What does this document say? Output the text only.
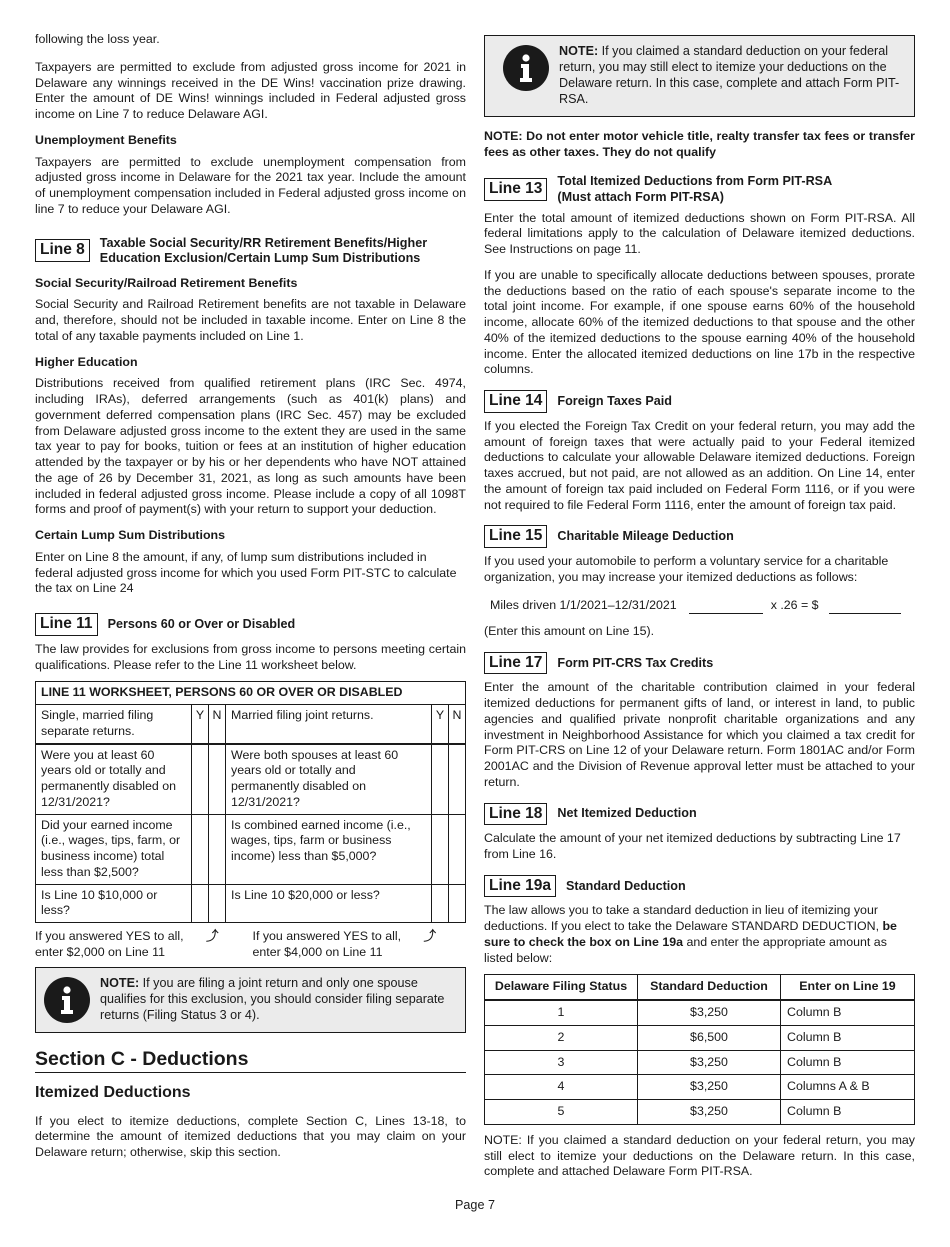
following the loss year.

Taxpayers are permitted to exclude from adjusted gross income for 2021 in Delaware any winnings received in the DE Wins! vaccination prize drawing. Enter the amount of DE Wins! winnings included in Federal adjusted gross income on Line 7 to reduce Delaware AGI.

Unemployment Benefits

Taxpayers are permitted to exclude unemployment compensation from adjusted gross income in Delaware for the 2021 tax year. Include the amount of unemployment compensation included in Federal adjusted gross income on line 7 to reduce your Delaware AGI.

Line 8	Taxable Social Security/RR Retirement Benefits/Higher Education Exclusion/Certain Lump Sum Distributions
Social Security/Railroad Retirement Benefits

Social Security and Railroad Retirement benefits are not taxable in Delaware and, therefore, should not be included in taxable income. Enter on Line 8 the total of any taxable payments included on Line 1.

Higher Education

Distributions received from qualified retirement plans (IRC Sec. 4974, including IRAs), deferred arrangements (such as 401(k) plans) and government deferred compensation plans (IRC Sec. 457) may be excluded from Delaware adjusted gross income to the extent they are used in the same tax year to pay for books, tuition or fees at an institution of higher education attended by the taxpayer or by his or her dependents who have NOT attained the age of 26 by December 31, 2021, as long as such amounts have been included in federal adjusted gross income. Please include a copy of all 1098T forms and proof of payment(s) with your return to support your deduction.

Certain Lump Sum Distributions

Enter on Line 8 the amount, if any, of lump sum distributions included in federal adjusted gross income for which you used Form PIT-STC to calculate the tax on Line 24

Line 11	Persons 60 or Over or Disabled

The law provides for exclusions from gross income to persons meeting certain qualifications. Please refer to the Line 11 worksheet below.

LINE 11 WORKSHEET, PERSONS 60 OR OVER OR DISABLED					
Single, married filing separate returns.	Y	N	Married filing joint returns.	Y	N
Were you at least 60 years old or totally and permanently disabled on 12/31/2021?			Were both spouses at least 60 years old or totally and permanently disabled on 12/31/2021?		
Did your earned income (i.e., wages, tips, farm, or business income) total less than $2,500?			Is combined earned income (i.e., wages, tips, farm or business income) less than $5,000?		
Is Line 10 $10,000 or less?			Is Line 10 $20,000 or less?		
If you answered YES to all, enter $2,000 on Line 11⤴	If you answered YES to all, enter $4,000 on Line 11⤴
NOTE: If you are filing a joint return and only one spouse qualifies for this exclusion, you should consider filing separate returns (Filing Status 3 or 4).
Section C - Deductions
Itemized Deductions

If you elect to itemize deductions, complete Section C, Lines 13-18, to determine the amount of itemized deductions that you may claim on your Delaware return; otherwise, skip this section.

NOTE: If you claimed a standard deduction on your federal return, you may still elect to itemize your deductions on the Delaware return. In this case, complete and attach Form PIT-RSA.

NOTE: Do not enter motor vehicle title, realty transfer tax fees or transfer fees as other taxes. They do not qualify

Line 13	Total Itemized Deductions from Form PIT-RSA (Must attach Form PIT-RSA)

Enter the total amount of itemized deductions shown on Form PIT-RSA. All federal limitations apply to the calculation of Delaware itemized deductions. See Instructions on page 11.

If you are unable to specifically allocate deductions between spouses, prorate the deductions based on the ratio of each spouse's separate income to the total joint income. For example, if one spouse earns 60% of the household income, allocate 60% of the itemized deductions to that spouse and the other 40% of the itemized deductions to the spouse earning 40% of the household income. Enter the allocated itemized deductions on line 17b in the respective columns.

Line 14	Foreign Taxes Paid

If you elected the Foreign Tax Credit on your federal return, you may add the amount of foreign taxes that were actually paid to your Federal itemized deductions to calculate your allowable Delaware itemized deductions. Foreign taxes accrued, but not paid, are not allowed as an addition. On Line 14, enter the amount of foreign tax paid included on Federal Form 1116, or if you were not required to file Federal Form 1116, enter the amount of foreign tax paid.

Line 15	Charitable Mileage Deduction

If you used your automobile to perform a voluntary service for a charitable organization, you may increase your itemized deductions as follows:

Miles driven 1/1/2021–12/31/2021
	x .26 = $

(Enter this amount on Line 15).

Line 17	Form PIT-CRS Tax Credits

Enter the amount of the charitable contribution claimed in your federal itemized deductions for permanent gifts of land, or interest in land, to public agencies and qualified private nonprofit charitable organizations and any investment in Neighborhood Assistance for which you claimed a tax credit for Form PIT-CRS on Line 12 of your Delaware return. Form 1801AC and/or Form 2001AC and the Division of Revenue approval letter must be attached to your return.

Line 18	Net Itemized Deduction

Calculate the amount of your net itemized deductions by subtracting Line 17 from Line 16.

Line 19a	Standard Deduction

The law allows you to take a standard deduction in lieu of itemizing your deductions. If you elect to take the Delaware STANDARD DEDUCTION, be sure to check the box on Line 19a and enter the appropriate amount as listed below:

Delaware Filing Status	Standard Deduction	Enter on Line 19
1	$3,250	Column B
2	$6,500	Column B
3	$3,250	Column B
4	$3,250	Columns A & B
5	$3,250	Column B

NOTE: If you claimed a standard deduction on your federal return, you may still elect to itemize your deductions on the Delaware return. In this case, complete and attached Delaware Form PIT-RSA.

Page 7
